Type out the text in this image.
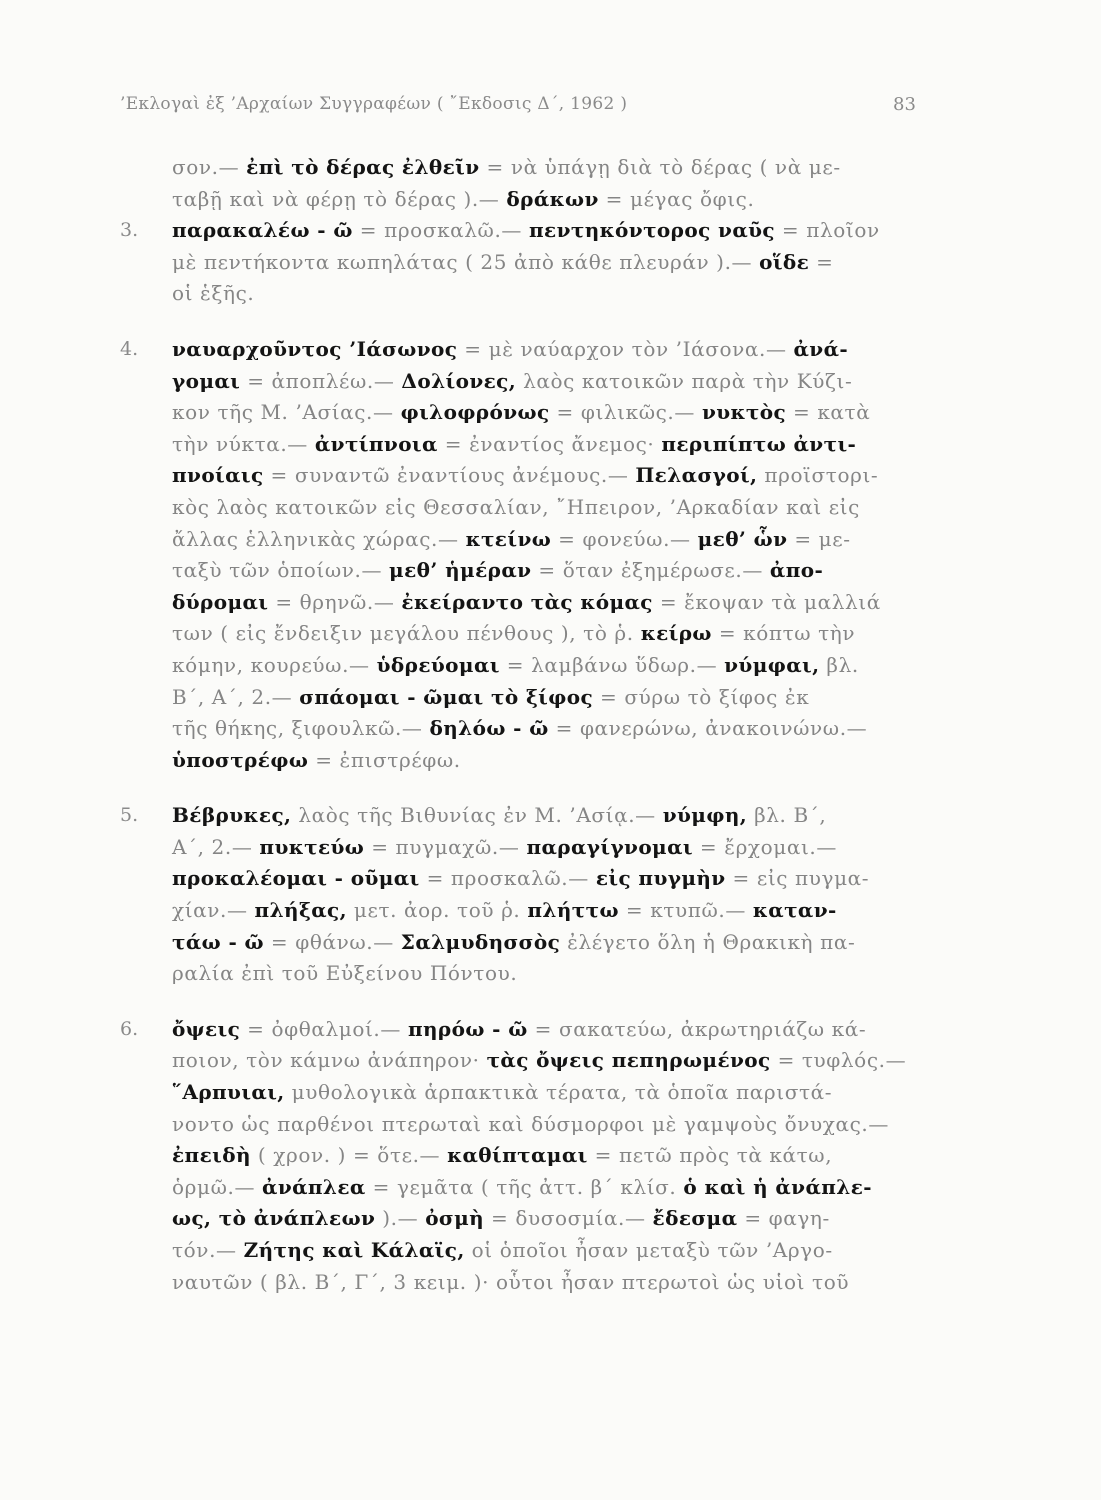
’Εκλογαὶ ἐξ ’Αρχαίων Συγγραφέων ( ῎Εκδοσις Δ΄, 1962 )	83
σον.— ἐπὶ τὸ δέρας ἐλθεῖν = νὰ ὑπάγῃ διὰ τὸ δέρας ( νὰ με-
ταβῇ καὶ νὰ φέρῃ τὸ δέρας ).— δράκων = μέγας ὄφις.
3. παρακαλέω - ῶ = προσκαλῶ.— πεντηκόντορος ναῦς = πλοῖον
μὲ πεντήκοντα κωπηλάτας ( 25 ἀπὸ κάθε πλευράν ).— οἵδε =
οἱ ἑξῆς.
4. ναυαρχοῦντος ’Ιάσωνος = μὲ ναύαρχον τὸν ’Ιάσονα.— ἀνά-
γομαι = ἀποπλέω.— Δολίονες, λαὸς κατοικῶν παρὰ τὴν Κύζι-
κον τῆς Μ. ’Ασίας.— φιλοφρόνως = φιλικῶς.— νυκτὸς = κατὰ
τὴν νύκτα.— ἀντίπνοια = ἐναντίος ἄνεμος· περιπίπτω ἀντι-
πνοίαις = συναντῶ ἐναντίους ἀνέμους.— Πελασγοί, προϊστορι-
κὸς λαὸς κατοικῶν εἰς Θεσσαλίαν, ῎Ηπειρον, ’Αρκαδίαν καὶ εἰς
ἄλλας ἑλληνικὰς χώρας.— κτείνω = φονεύω.— μεθ’ ὧν = με-
ταξὺ τῶν ὁποίων.— μεθ’ ἡμέραν = ὅταν ἐξημέρωσε.— ἀπο-
δύρομαι = θρηνῶ.— ἐκείραντο τὰς κόμας = ἔκοψαν τὰ μαλλιά
των ( εἰς ἔνδειξιν μεγάλου πένθους ), τὸ ῥ. κείρω = κόπτω τὴν
κόμην, κουρεύω.— ὑδρεύομαι = λαμβάνω ὕδωρ.— νύμφαι, βλ.
Β΄, Α΄, 2.— σπάομαι - ῶμαι τὸ ξίφος = σύρω τὸ ξίφος ἐκ
τῆς θήκης, ξιφουλκῶ.— δηλόω - ῶ = φανερώνω, ἀνακοινώνω.—
ὑποστρέφω = ἐπιστρέφω.
5. Βέβρυκες, λαὸς τῆς Βιθυνίας ἐν Μ. ’Ασίᾳ.— νύμφη, βλ. Β΄,
Α΄, 2.— πυκτεύω = πυγμαχῶ.— παραγίγνομαι = ἔρχομαι.—
προκαλέομαι - οῦμαι = προσκαλῶ.— εἰς πυγμὴν = εἰς πυγμα-
χίαν.— πλήξας, μετ. ἀορ. τοῦ ῥ. πλήττω = κτυπῶ.— καταν-
τάω - ῶ = φθάνω.— Σαλμυδησσὸς ἐλέγετο ὅλη ἡ Θρακικὴ πα-
ραλία ἐπὶ τοῦ Εὐξείνου Πόντου.
6. ὄψεις = ὀφθαλμοί.— πηρόω - ῶ = σακατεύω, ἀκρωτηριάζω κά-
ποιον, τὸν κάμνω ἀνάπηρον· τὰς ὄψεις πεπηρωμένος = τυφλός.—
῞Αρπυιαι, μυθολογικὰ ἁρπακτικὰ τέρατα, τὰ ὁποῖα παριστά-
νοντο ὡς παρθένοι πτερωταὶ καὶ δύσμορφοι μὲ γαμψοὺς ὄνυχας.—
ἐπειδὴ ( χρον. ) = ὅτε.— καθίπταμαι = πετῶ πρὸς τὰ κάτω,
ὁρμῶ.— ἀνάπλεα = γεμᾶτα ( τῆς ἀττ. β΄ κλίσ. ὁ καὶ ἡ ἀνάπλε-
ως, τὸ ἀνάπλεων ).— ὀσμὴ = δυσοσμία.— ἔδεσμα = φαγη-
τόν.— Ζήτης καὶ Κάλαϊς, οἱ ὁποῖοι ἦσαν μεταξὺ τῶν ’Αργο-
ναυτῶν ( βλ. Β΄, Γ΄, 3 κειμ. )· οὗτοι ἦσαν πτερωτοὶ ὡς υἱοὶ τοῦ
